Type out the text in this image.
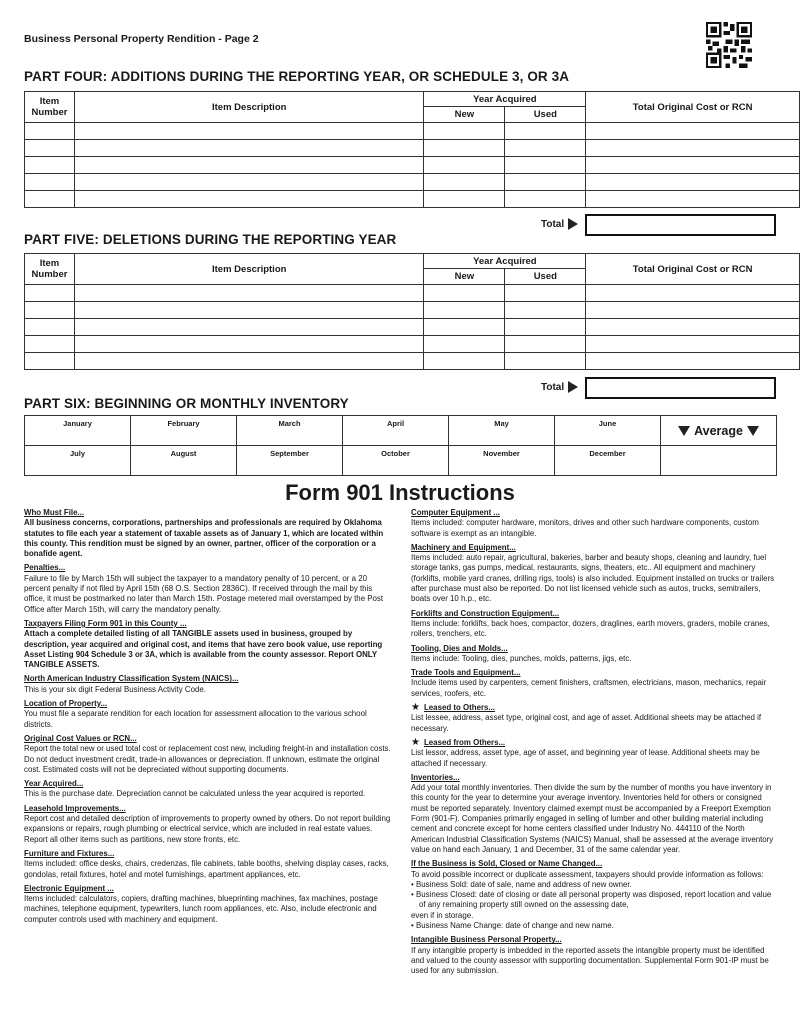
Business Personal Property Rendition - Page 2
PART FOUR: ADDITIONS DURING THE REPORTING YEAR, OR SCHEDULE 3, OR 3A
Item Number	Item Description	Year Acquired		Total Original Cost or RCN
		New	Used	

Total
PART FIVE: DELETIONS DURING THE REPORTING YEAR
Item Number	Item Description	Year Acquired		Total Original Cost or RCN
		New	Used	

Total
PART SIX: BEGINNING OR MONTHLY INVENTORY
January	February	March	April	May	June	Average

July	August	September	October	November	December	
Form 901 Instructions
Who Must File...
All business concerns, corporations, partnerships and professionals are required by Oklahoma statutes to file each year a statement of taxable assets as of January 1, which are located within this county. This rendition must be signed by an owner, partner, officer of the corporation or a bonafide agent.
Penalties...
Failure to file by March 15th will subject the taxpayer to a mandatory penalty of 10 percent, or a 20 percent penalty if not filed by April 15th (68 O.S. Section 2836C). If received through the mail by this office, it must be postmarked no later than March 15th. Postage metered mail overstamped by the Post Office after March 15th, will carry the mandatory penalty.
Taxpayers Filing Form 901 in this County ...
Attach a complete detailed listing of all TANGIBLE assets used in business, grouped by description, year acquired and original cost, and items that have zero book value, use reporting Asset Listing 904 Schedule 3 or 3A, which is available from the county assessor. Report ONLY TANGIBLE ASSETS.
North American Industry Classification System (NAICS)...
This is your six digit Federal Business Activity Code.
Location of Property...
You must file a separate rendition for each location for assessment allocation to the various school districts.
Original Cost Values or RCN...
Report the total new or used total cost or replacement cost new, including freight-in and installation costs. Do not deduct investment credit, trade-in allowances or depreciation. If unknown, estimate the original cost. Estimated costs will not be depreciated without supporting documents.
Year Acquired...
This is the purchase date. Depreciation cannot be calculated unless the year acquired is reported.
Leasehold Improvements...
Report cost and detailed description of improvements to property owned by others. Do not report building expansions or repairs, rough plumbing or electrical service, which are included in real estate values. Report all other items such as partitions, new store fronts, etc.
Furniture and Fixtures...
Items included: office desks, chairs, credenzas, file cabinets, table booths, shelving display cases, racks, gondolas, retail fixtures, hotel and motel furnishings, apartment appliances, etc.
Electronic Equipment ...
Items included: calculators, copiers, drafting machines, blueprinting machines, fax machines, postage machines, telephone equipment, typewriters, lunch room appliances, etc. Also, include electronic and computer controls used with machinery and equipment.
Computer Equipment ...
Items included: computer hardware, monitors, drives and other such hardware components, custom software is exempt as an intangible.
Machinery and Equipment...
Items included: auto repair, agricultural, bakeries, barber and beauty shops, cleaning and laundry, fuel storage tanks, gas pumps, medical, restaurants, signs, theaters, etc.. All equipment and machinery (forklifts, mobile yard cranes, drilling rigs, tools) is also included. Equipment installed on trucks or trailers after purchase must also be reported. Do not list licensed vehicle such as autos, trucks, semitrailers, boats over 10 h.p., etc.
Forklifts and Construction Equipment...
Items include: forklifts, back hoes, compactor, dozers, draglines, earth movers, graders, mobile cranes, rollers, trenchers, etc.
Tooling, Dies and Molds...
Items include: Tooling, dies, punches, molds, patterns, jigs, etc.
Trade Tools and Equipment...
Include items used by carpenters, cement finishers, craftsmen, electricians, mason, mechanics, repair services, roofers, etc.
★ Leased to Others...
List lessee, address, asset type, original cost, and age of asset. Additional sheets may be attached if necessary.
★ Leased from Others...
List lessor, address, asset type, age of asset, and beginning year of lease. Additional sheets may be attached if necessary.
Inventories...
Add your total monthly inventories. Then divide the sum by the number of months you have inventory in this county for the year to determine your average inventory. Inventories held for others or consigned must be reported separately. Inventory claimed exempt must be accompanied by a Freeport Exemption Form (901-F). Companies primarily engaged in selling of lumber and other building material including cement and concrete except for home centers classified under Industry No. 444110 of the North American Industrial Classification Systems (NAICS) Manual, shall be assessed at the average inventory value on hand each January, 1 and December, 31 of the same calendar year.
If the Business is Sold, Closed or Name Changed...
To avoid possible incorrect or duplicate assessment, taxpayers should provide information as follows:
• Business Sold: date of sale, name and address of new owner.
• Business Closed: date of closing or date all personal property was disposed, report location and value of any remaining property still owned on the assessing date,
even if in storage.
• Business Name Change: date of change and new name.
Intangible Business Personal Property...
If any intangible property is imbedded in the reported assets the intangible property must be identified and valued to the county assessor with supporting documentation. Supplemental Form 901-IP must be used for any submission.
